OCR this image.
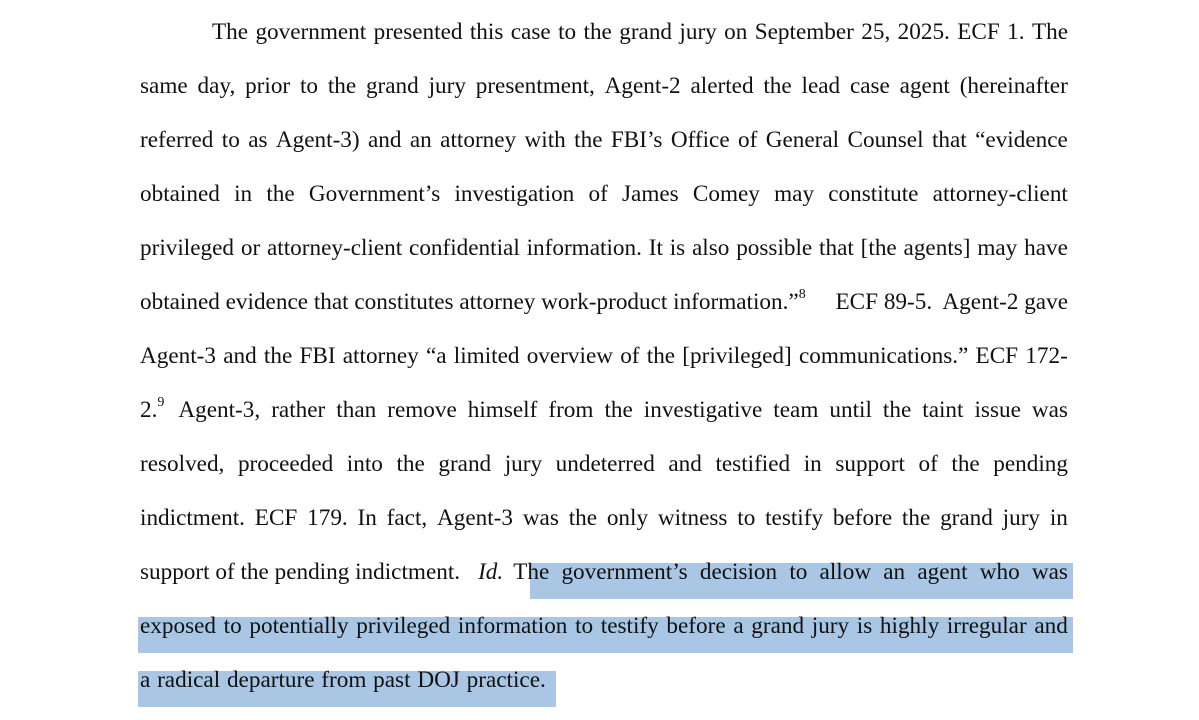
The government presented this case to the grand jury on September 25, 2025. ECF 1. The
same day, prior to the grand jury presentment, Agent-2 alerted the lead case agent (hereinafter
referred to as Agent-3) and an attorney with the FBI’s Office of General Counsel that “evidence
obtained in the Government’s investigation of James Comey may constitute attorney-client
privileged or attorney-client confidential information. It is also possible that [the agents] may have
obtained evidence that constitutes attorney work-product information.”$^8$ ECF 89-5.  Agent-2 gave
Agent-3 and the FBI attorney “a limited overview of the [privileged] communications.” ECF 172-
2.$^9$ Agent-3, rather than remove himself from the investigative team until the taint issue was
resolved, proceeded into the grand jury undeterred and testified in support of the pending
indictment. ECF 179. In fact, Agent-3 was the only witness to testify before the grand jury in
support of the pending indictment. Id. The government’s decision to allow an agent who was
exposed to potentially privileged information to testify before a grand jury is highly irregular and
a radical departure from past DOJ practice.
